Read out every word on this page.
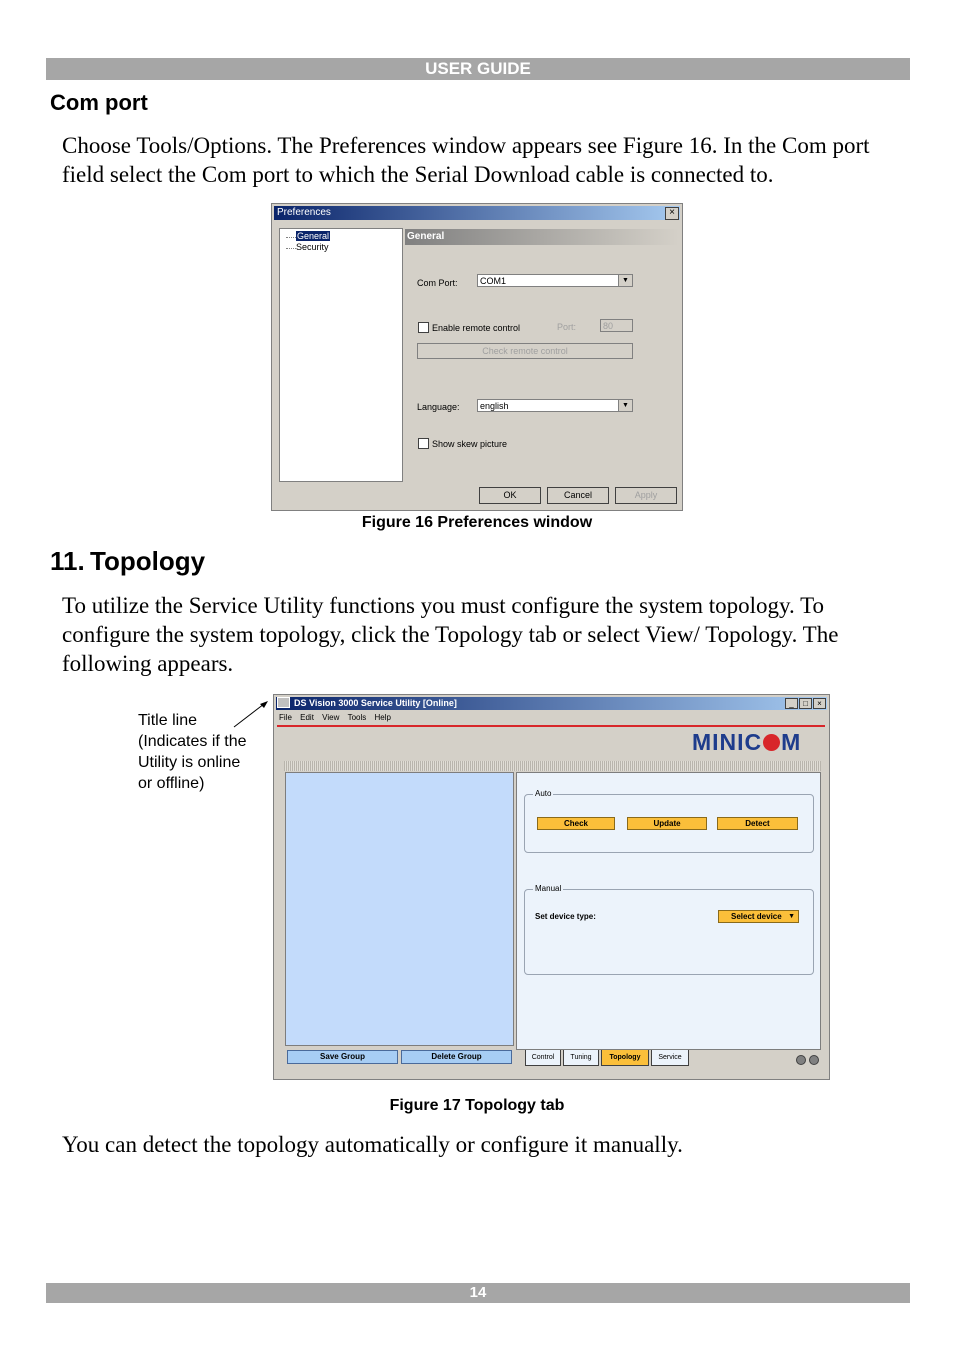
USER GUIDE
14
Com port

Choose Tools/Options. The Preferences window appears see Figure 16. In the Com port field select the Com port to which the Serial Download cable is connected to.

Preferences	×
General
Security
General
Com Port:	COM1	▼
Enable remote control	Port:	80
Check remote control
Language:	english	▼
Show skew picture
OK	Cancel	Apply
Figure 16 Preferences window
11. Topology

To utilize the Service Utility functions you must configure the system topology. To configure the system topology, click the Topology tab or select View/ Topology. The following appears.

Title line
(Indicates if the
Utility is online
or offline)
DS Vision 3000 Service Utility [Online]	_ □ ×
File Edit View Tools Help
MINIC M
Auto
Check	Update	Detect
Manual
Set device type:	Select device ▼
Save Group	Delete Group	Control	Tuning	Topology	Service
Figure 17 Topology tab

You can detect the topology automatically or configure it manually.
